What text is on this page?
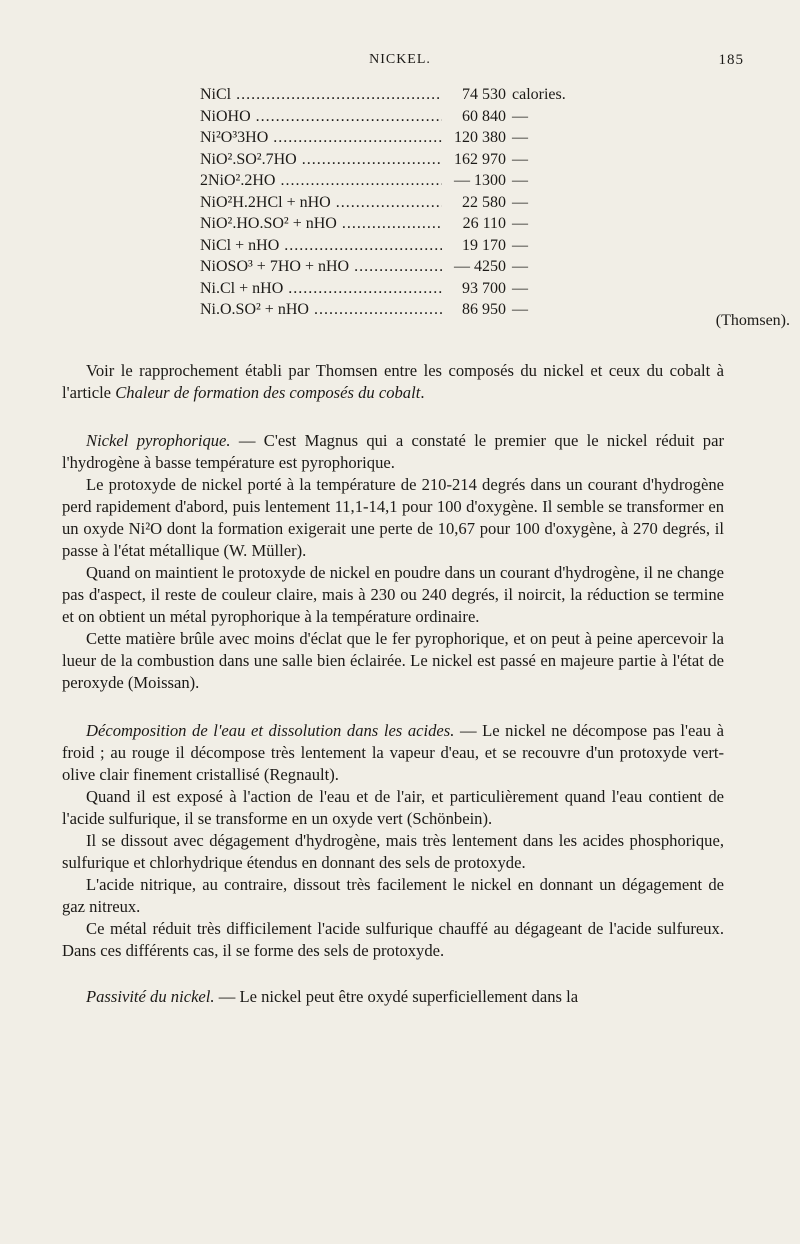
NICKEL.	185
NiCl .....	74 530 calories.
NiOHO .....	60 840 —
Ni²O³3HO .....	120 380 —
NiO².SO².7HO .....	162 970 —
2NiO².2HO .....	— 1300 —
NiO²H.2HCl + nHO .....	22 580 —
NiO².HO.SO² + nHO .....	26 110 —
NiCl + nHO .....	19 170 —
NiOSO³ + 7HO + nHO .....	— 4250 —
Ni.Cl + nHO .....	93 700 —
Ni.O.SO² + nHO .....	86 950 —
(Thomsen).

Voir le rapprochement établi par Thomsen entre les composés du nickel et ceux du cobalt à l'article Chaleur de formation des composés du cobalt.

Nickel pyrophorique. — C'est Magnus qui a constaté le premier que le nickel réduit par l'hydrogène à basse température est pyrophorique.

Le protoxyde de nickel porté à la température de 210-214 degrés dans un courant d'hydrogène perd rapidement d'abord, puis lentement 11,1-14,1 pour 100 d'oxygène. Il semble se transformer en un oxyde Ni²O dont la formation exigerait une perte de 10,67 pour 100 d'oxygène, à 270 degrés, il passe à l'état métallique (W. Müller).

Quand on maintient le protoxyde de nickel en poudre dans un courant d'hydrogène, il ne change pas d'aspect, il reste de couleur claire, mais à 230 ou 240 degrés, il noircit, la réduction se termine et on obtient un métal pyrophorique à la température ordinaire.

Cette matière brûle avec moins d'éclat que le fer pyrophorique, et on peut à peine apercevoir la lueur de la combustion dans une salle bien éclairée. Le nickel est passé en majeure partie à l'état de peroxyde (Moissan).

Décomposition de l'eau et dissolution dans les acides. — Le nickel ne décompose pas l'eau à froid ; au rouge il décompose très lentement la vapeur d'eau, et se recouvre d'un protoxyde vert-olive clair finement cristallisé (Regnault).

Quand il est exposé à l'action de l'eau et de l'air, et particulièrement quand l'eau contient de l'acide sulfurique, il se transforme en un oxyde vert (Schönbein).

Il se dissout avec dégagement d'hydrogène, mais très lentement dans les acides phosphorique, sulfurique et chlorhydrique étendus en donnant des sels de protoxyde.

L'acide nitrique, au contraire, dissout très facilement le nickel en donnant un dégagement de gaz nitreux.

Ce métal réduit très difficilement l'acide sulfurique chauffé au dégageant de l'acide sulfureux. Dans ces différents cas, il se forme des sels de protoxyde.

Passivité du nickel. — Le nickel peut être oxydé superficiellement dans la
